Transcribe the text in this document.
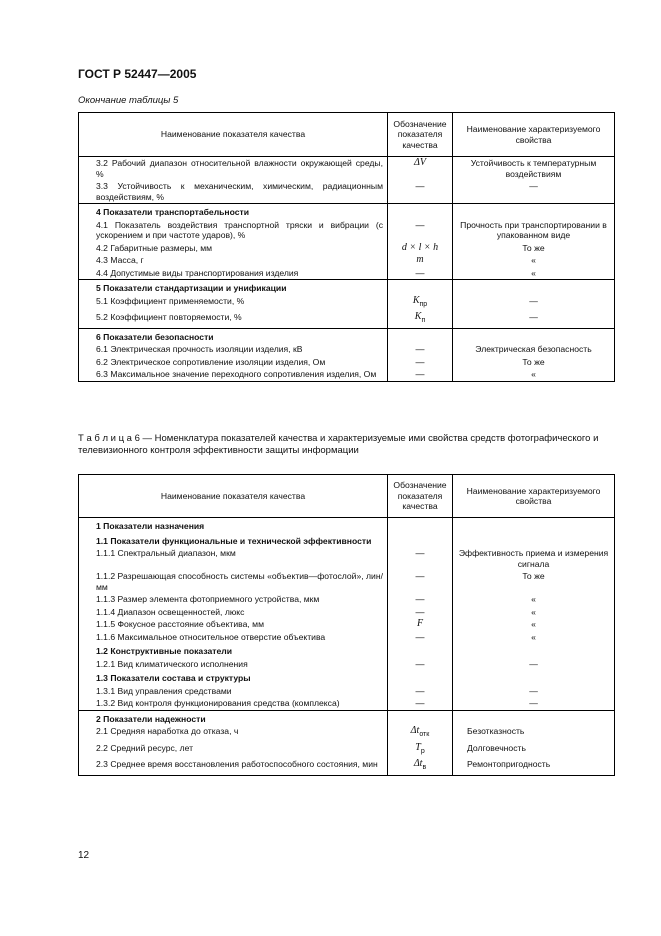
ГОСТ Р 52447—2005
Окончание таблицы 5
Наименование показателя качества	Обозначение показателя качества	Наименование характеризуемого свойства

3.2 Рабочий диапазон относительной влажности окружающей среды, %	ΔV	Устойчивость к температурным воздействиям

3.3 Устойчивость к механическим, химическим, радиационным воздействиям, %	—	—

4 Показатели транспортабельности		

4.1 Показатель воздействия транспортной тряски и вибрации (с ускорением и при частоте ударов), %	—	Прочность при транспортировании в упакованном виде

4.2 Габаритные размеры, мм	d × l × h	То же

4.3 Масса, г	m	«

4.4 Допустимые виды транспортирования изделия	—	«

5 Показатели стандартизации и унификации		

5.1 Коэффициент применяемости, %	$K_{пр}$	—

5.2 Коэффициент повторяемости, %	$K_п$	—

6 Показатели безопасности		

6.1 Электрическая прочность изоляции изделия, кВ	—	Электрическая безопасность

6.2 Электрическое сопротивление изоляции изделия, Ом	—	То же

6.3 Максимальное значение переходного сопротивления изделия, Ом	—	«
Т а б л и ц а 6 — Номенклатура показателей качества и характеризуемые ими свойства средств фотографического и телевизионного контроля эффективности защиты информации
Наименование показателя качества	Обозначение показателя качества	Наименование характеризуемого свойства

1 Показатели назначения		

1.1 Показатели функциональные и технической эффективности		

1.1.1 Спектральный диапазон, мкм	—	Эффективность приема и измерения сигнала

1.1.2 Разрешающая способность системы «объектив—фотослой», лин/мм	—	То же

1.1.3 Размер элемента фотоприемного устройства, мкм	—	«

1.1.4 Диапазон освещенностей, люкс	—	«

1.1.5 Фокусное расстояние объектива, мм	F	«

1.1.6 Максимальное относительное отверстие объектива	—	«

1.2 Конструктивные показатели		

1.2.1 Вид климатического исполнения	—	—

1.3 Показатели состава и структуры		

1.3.1 Вид управления средствами	—	—

1.3.2 Вид контроля функционирования средства (комплекса)	—	—

2 Показатели надежности		

2.1 Средняя наработка до отказа, ч	$\Delta t_{отк}$	Безотказность

2.2 Средний ресурс, лет	$T_р$	Долговечность

2.3 Среднее время восстановления работоспособного состояния, мин	$\Delta t_в$	Ремонтопригодность
12
